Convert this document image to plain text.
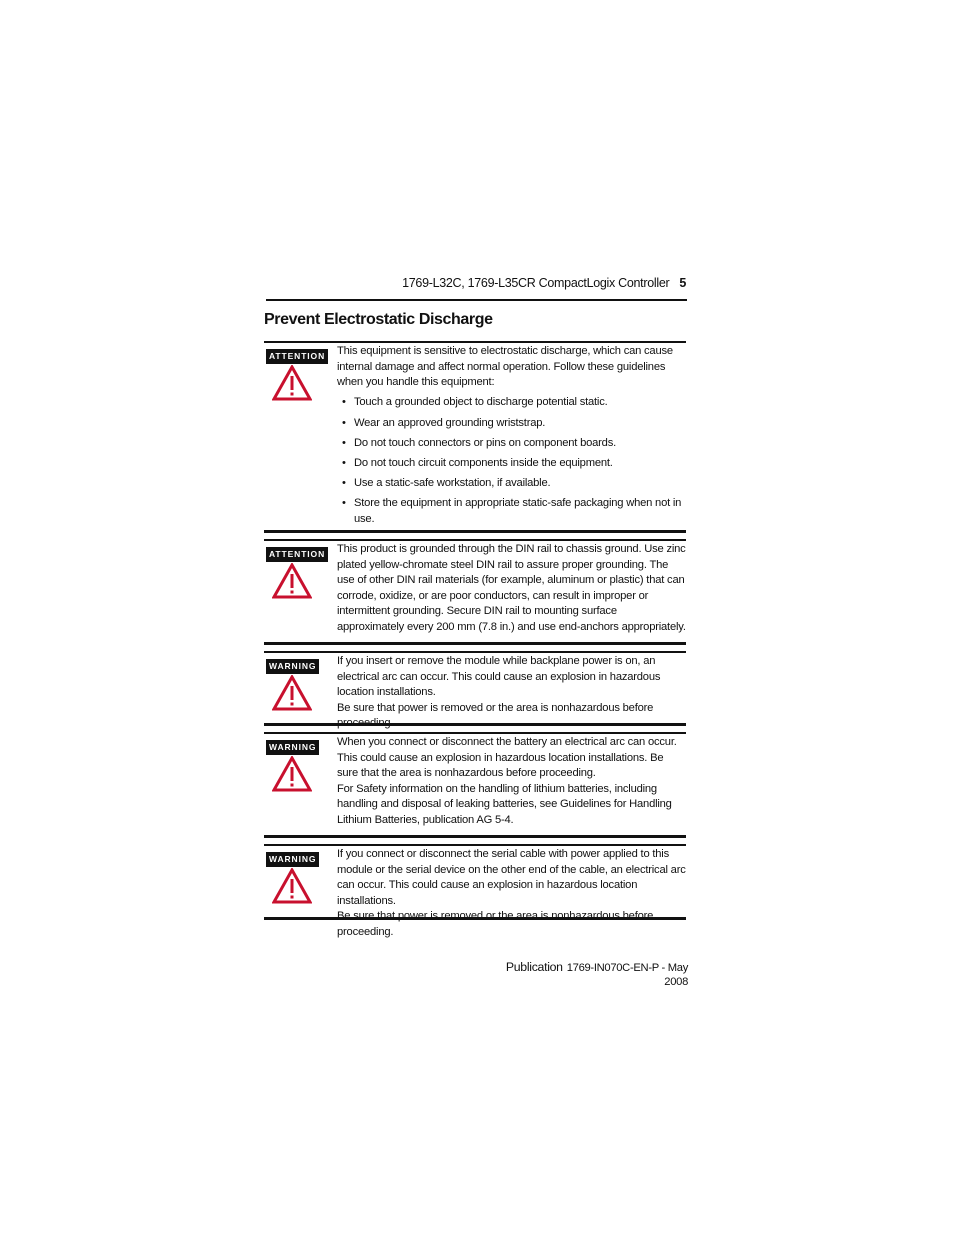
1769-L32C, 1769-L35CR CompactLogix Controller 5
Prevent Electrostatic Discharge
ATTENTION This equipment is sensitive to electrostatic discharge, which can cause internal damage and affect normal operation. Follow these guidelines when you handle this equipment:

• Touch a grounded object to discharge potential static.
• Wear an approved grounding wriststrap.
• Do not touch connectors or pins on component boards.
• Do not touch circuit components inside the equipment.
• Use a static-safe workstation, if available.
• Store the equipment in appropriate static-safe packaging when not in use.
ATTENTION This product is grounded through the DIN rail to chassis ground. Use zinc plated yellow-chromate steel DIN rail to assure proper grounding. The use of other DIN rail materials (for example, aluminum or plastic) that can corrode, oxidize, or are poor conductors, can result in improper or intermittent grounding. Secure DIN rail to mounting surface approximately every 200 mm (7.8 in.) and use end-anchors appropriately.

WARNING If you insert or remove the module while backplane power is on, an electrical arc can occur. This could cause an explosion in hazardous location installations.

Be sure that power is removed or the area is nonhazardous before

WARNING When you connect or disconnect the battery an electrical arc can occur. This could cause an explosion in hazardous location installations. Be sure that the area is nonhazardous before proceeding.

For Safety information on the handling of lithium batteries, including handling and disposal of leaking batteries, see Guidelines for Handling Lithium Batteries, publication AG 5-4.

WARNING If you connect or disconnect the serial cable with power applied to this module or the serial device on the other end of the cable, an electrical arc can occur. This could cause an explosion in hazardous location installations.

proceeding.

Publication 1769-IN070C-EN-P - May 2008
